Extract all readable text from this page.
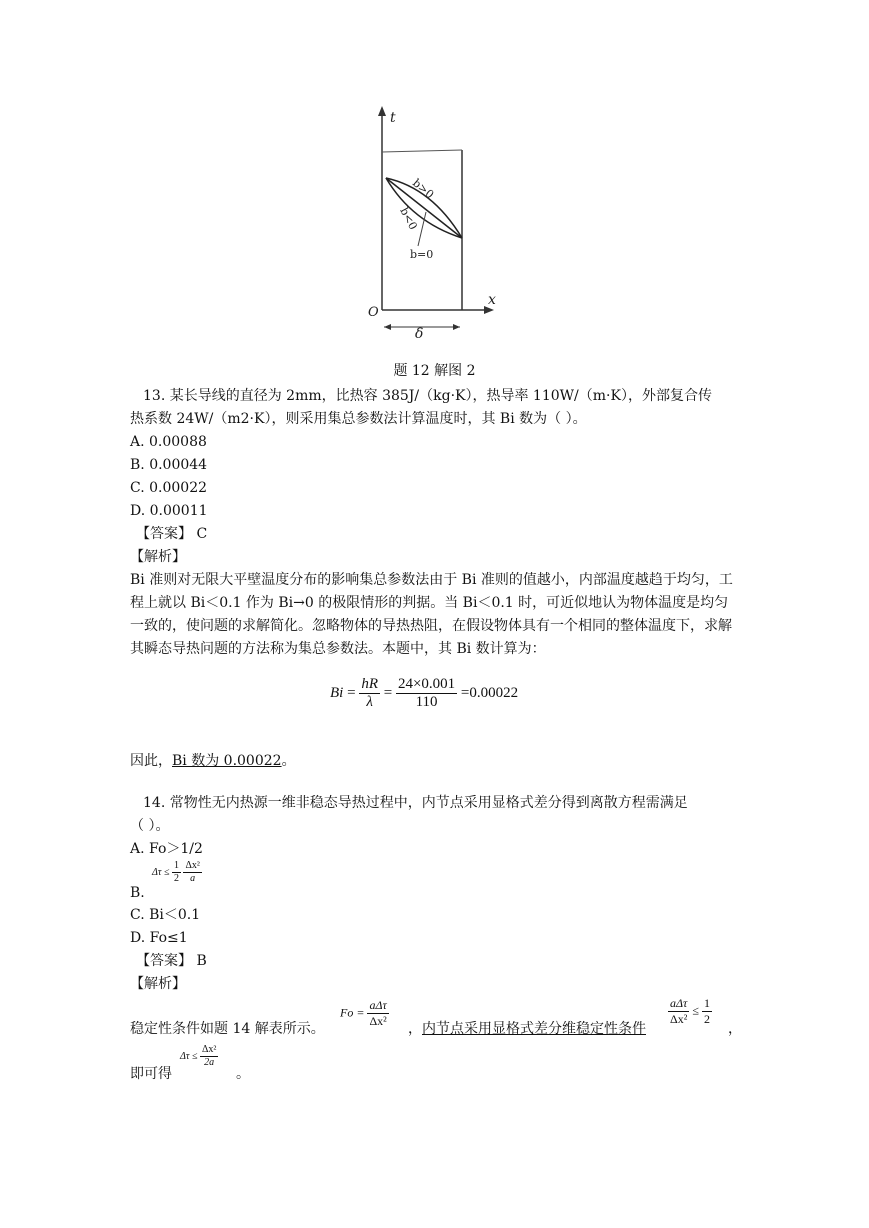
b>0
b<0
b=0
t
x
O
δ
题 12 解图 2
13. 某长导线的直径为 2mm，比热容 385J/（kg·K），热导率 110W/（m·K），外部复合传
热系数 24W/（m2·K），则采用集总参数法计算温度时，其 Bi 数为（ ）。
A. 0.00088
B. 0.00044
C. 0.00022
D. 0.00011
【答案】 C
【解析】
Bi 准则对无限大平壁温度分布的影响集总参数法由于 Bi 准则的值越小，内部温度越趋于均匀，工程上就以 Bi＜0.1 作为 Bi→0 的极限情形的判据。当 Bi＜0.1 时，可近似地认为物体温度是均匀一致的，使问题的求解简化。忽略物体的导热热阻，在假设物体具有一个相同的整体温度下，求解其瞬态导热问题的方法称为集总参数法。本题中，其 Bi 数计算为：
$Bi = \frac{hR}{\lambda} = \frac{24\times 0.001}{110} =0.00022$
因此，Bi 数为 0.00022。
14. 常物性无内热源一维非稳态导热过程中，内节点采用显格式差分得到离散方程需满足
（ ）。
A. Fo＞1/2
B.
$\Delta\tau \le \frac{1}{2}$
$\frac{\text{Δx²}}{a}$
C. Bi＜0.1
D. Fo≤1
【答案】 B
【解析】
稳定性条件如题 14 解表所示。
$Fo = \frac{\text{aΔτ}}{\text{Δx²}}$ ，内节点采用显格式差分维稳定性条件
$\frac{\text{aΔτ}}{\text{Δx²}} \le \frac{1}{2}$
，
即可得
$\Delta\tau \le \frac{\text{Δx²}}{2a}$
。
